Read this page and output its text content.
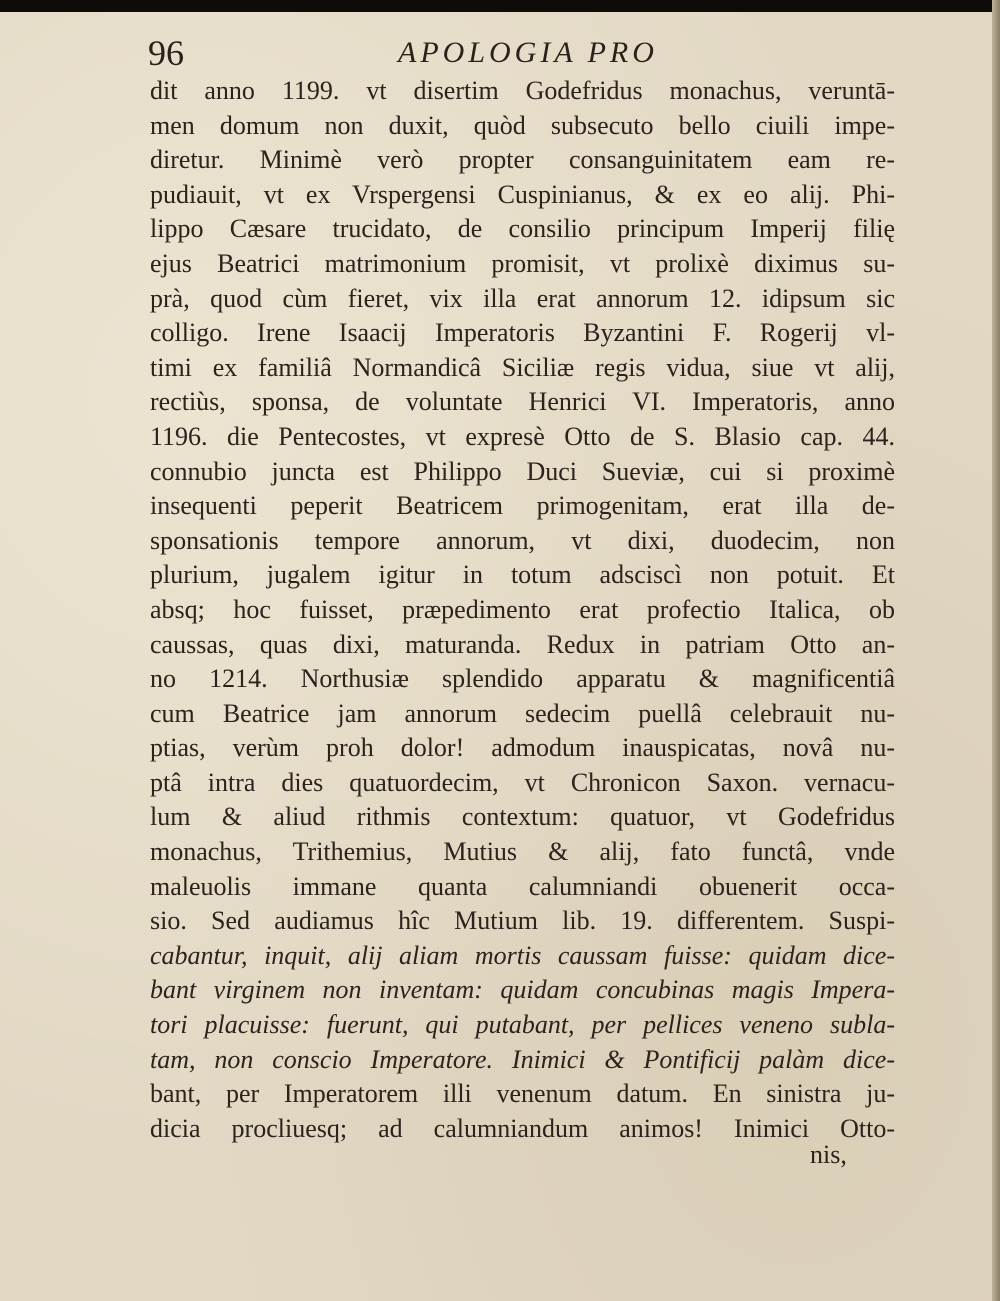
96	APOLOGIA PRO
dit anno 1199. vt disertim Godefridus monachus, veruntā-
men domum non duxit, quòd subsecuto bello ciuili impe-
diretur. Minimè verò propter consanguinitatem eam re-
pudiauit, vt ex Vrspergensi Cuspinianus, & ex eo alij. Phi-
lippo Cæsare trucidato, de consilio principum Imperij filię
ejus Beatrici matrimonium promisit, vt prolixè diximus su-
prà, quod cùm fieret, vix illa erat annorum 12. idipsum sic
colligo. Irene Isaacij Imperatoris Byzantini F. Rogerij vl-
timi ex familiâ Normandicâ Siciliæ regis vidua, siue vt alij,
rectiùs, sponsa, de voluntate Henrici VI. Imperatoris, anno
1196. die Pentecostes, vt expresè Otto de S. Blasio cap. 44.
connubio juncta est Philippo Duci Sueviæ, cui si proximè
insequenti peperit Beatricem primogenitam, erat illa de-
sponsationis tempore annorum, vt dixi, duodecim, non
plurium, jugalem igitur in totum adsciscì non potuit. Et
absq; hoc fuisset, præpedimento erat profectio Italica, ob
caussas, quas dixi, maturanda. Redux in patriam Otto an-
no 1214. Northusiæ splendido apparatu & magnificentiâ
cum Beatrice jam annorum sedecim puellâ celebrauit nu-
ptias, verùm proh dolor! admodum inauspicatas, novâ nu-
ptâ intra dies quatuordecim, vt Chronicon Saxon. vernacu-
lum & aliud rithmis contextum: quatuor, vt Godefridus
monachus, Trithemius, Mutius & alij, fato functâ, vnde
maleuolis immane quanta calumniandi obuenerit occa-
sio. Sed audiamus hîc Mutium lib. 19. differentem. Suspi-
cabantur, inquit, alij aliam mortis caussam fuisse: quidam dice-
bant virginem non inventam: quidam concubinas magis Impera-
tori placuisse: fuerunt, qui putabant, per pellices veneno subla-
tam, non conscio Imperatore. Inimici & Pontificij palàm dice-
bant, per Imperatorem illi venenum datum. En sinistra ju-
dicia procliuesq; ad calumniandum animos! Inimici Otto-
nis,
